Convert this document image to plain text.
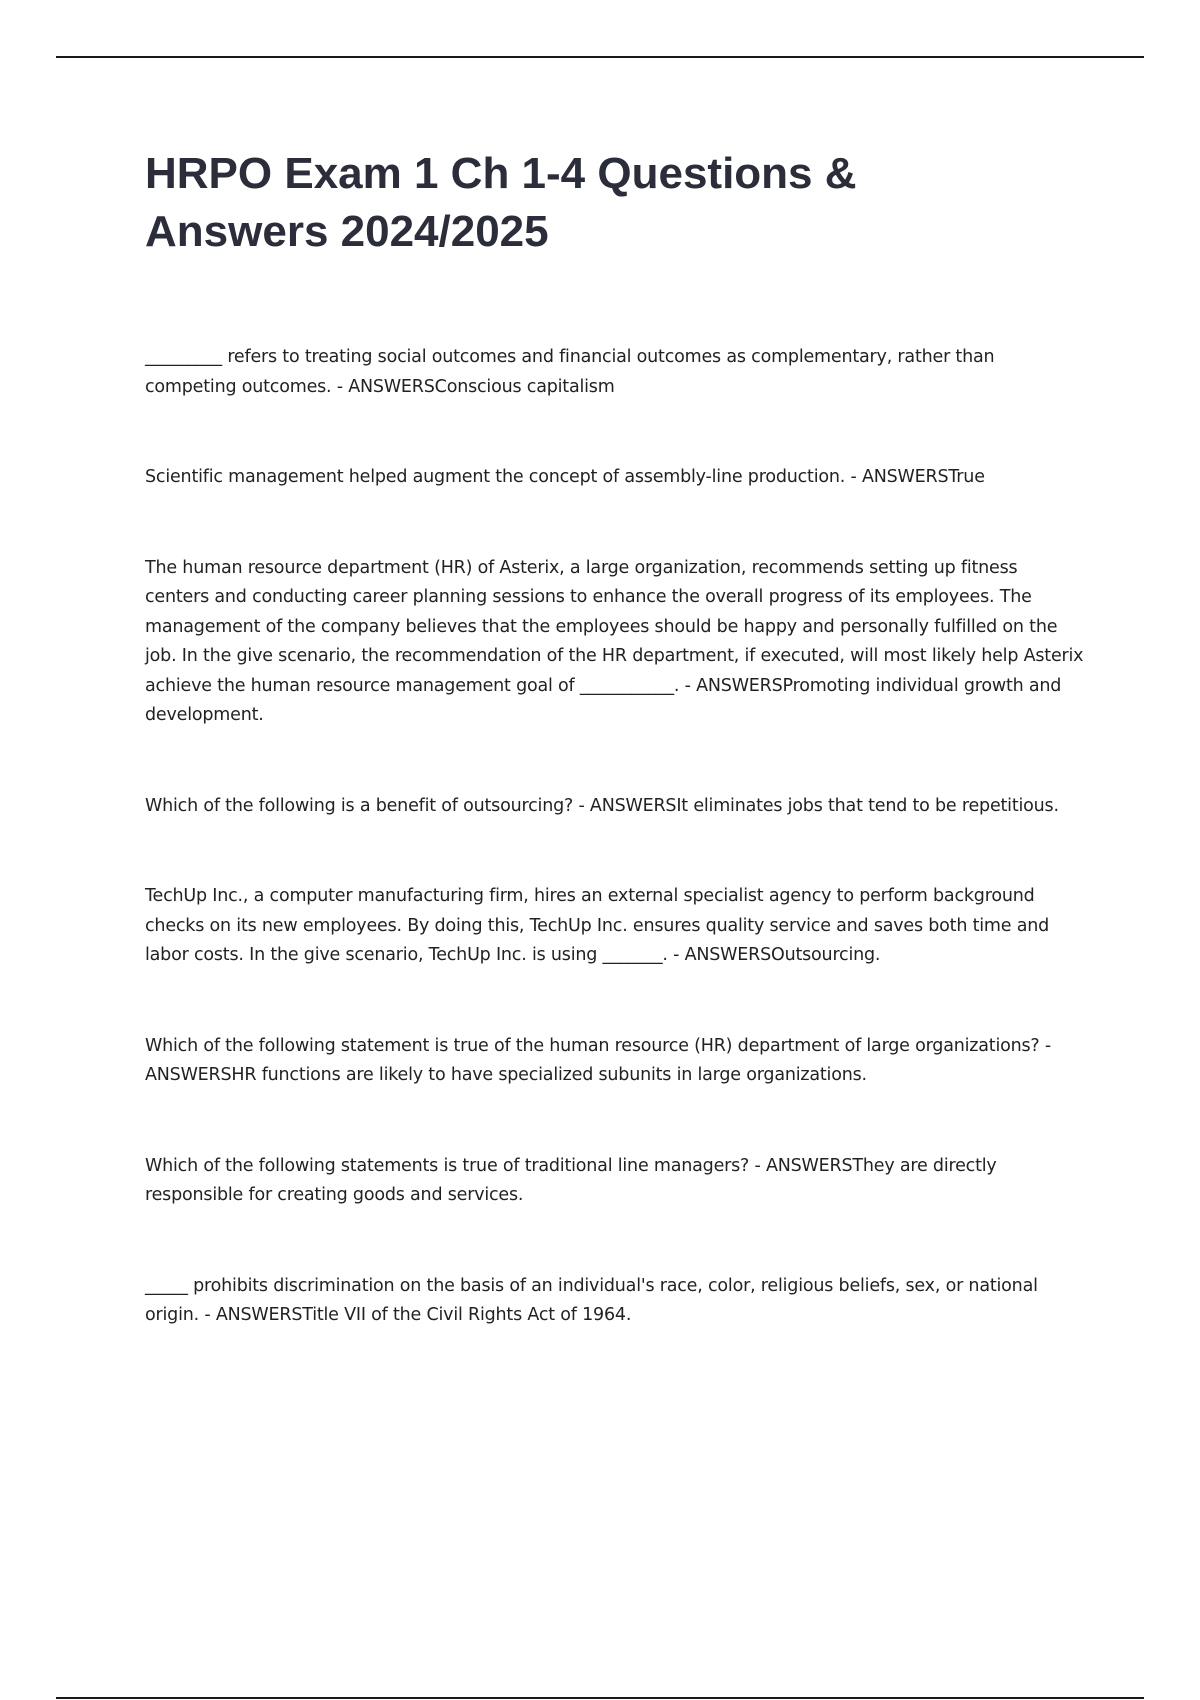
HRPO Exam 1 Ch 1-4 Questions &
Answers 2024/2025

_________ refers to treating social outcomes and financial outcomes as complementary, rather than competing outcomes. - ANSWERSConscious capitalism

Scientific management helped augment the concept of assembly-line production. - ANSWERSTrue

The human resource department (HR) of Asterix, a large organization, recommends setting up fitness centers and conducting career planning sessions to enhance the overall progress of its employees. The management of the company believes that the employees should be happy and personally fulfilled on the job. In the give scenario, the recommendation of the HR department, if executed, will most likely help Asterix achieve the human resource management goal of ___________. - ANSWERSPromoting individual growth and development.

Which of the following is a benefit of outsourcing? - ANSWERSIt eliminates jobs that tend to be repetitious.

TechUp Inc., a computer manufacturing firm, hires an external specialist agency to perform background checks on its new employees. By doing this, TechUp Inc. ensures quality service and saves both time and labor costs. In the give scenario, TechUp Inc. is using _______. - ANSWERSOutsourcing.

Which of the following statement is true of the human resource (HR) department of large organizations? - ANSWERSHR functions are likely to have specialized subunits in large organizations.

Which of the following statements is true of traditional line managers? - ANSWERSThey are directly responsible for creating goods and services.

_____ prohibits discrimination on the basis of an individual's race, color, religious beliefs, sex, or national origin. - ANSWERSTitle VII of the Civil Rights Act of 1964.
